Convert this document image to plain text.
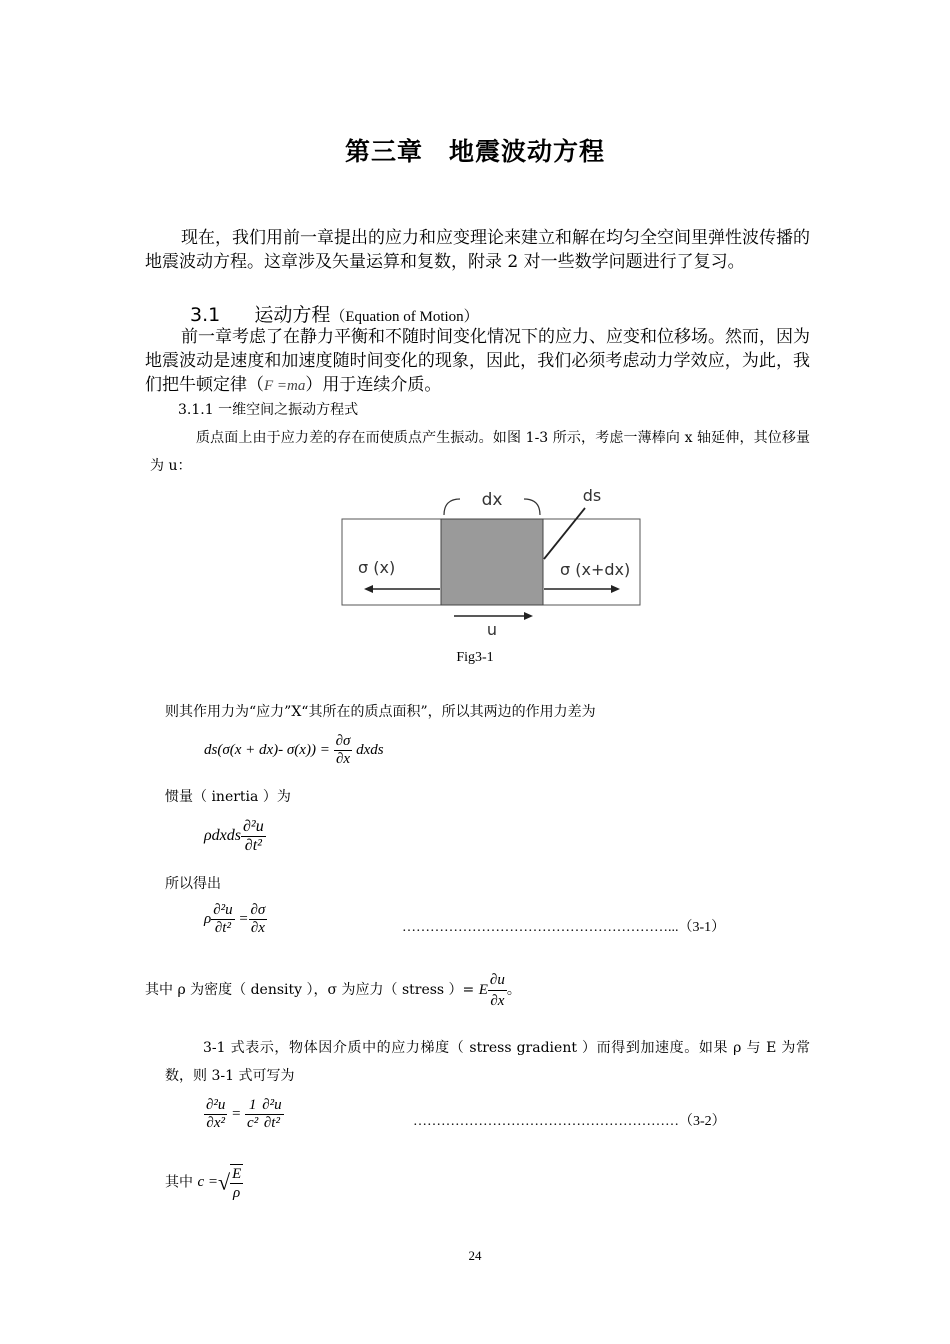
第三章　地震波动方程
现在，我们用前一章提出的应力和应变理论来建立和解在均匀全空间里弹性波传播的地震波动方程。这章涉及矢量运算和复数，附录 2 对一些数学问题进行了复习。
3.1 运动方程（Equation of Motion）
前一章考虑了在静力平衡和不随时间变化情况下的应力、应变和位移场。然而，因为地震波动是速度和加速度随时间变化的现象，因此，我们必须考虑动力学效应，为此，我们把牛顿定律（F =ma）用于连续介质。
3.1.1 一维空间之振动方程式
质点面上由于应力差的存在而使质点产生振动。如图 1-3 所示，考虑一薄棒向 x 轴延伸，其位移量为 u：
dx	ds
σ (x)	σ (x+dx)
u
Fig3-1
则其作用力为“应力”X“其所在的质点面积”，所以其两边的作用力差为
ds(σ(x + dx)- $\sigma(x)) = \frac{\partial\sigma}{\partial x}$ dxds
惯量（ inertia ）为
ρdxds $\frac{\text{∂²u}}{\text{∂t²}}$
所以得出
ρ $\frac{\text{∂²u}}{\text{∂t²}} = \frac{\partial\sigma}{\partial x}$	…………………………………………………...（3-1）
其中 ρ 为密度（ density ），σ 为应力（ stress ）= E $\frac{\partial u}{\partial x}$ 。
3-1 式表示，物体因介质中的应力梯度（ stress gradient ）而得到加速度。如果 ρ 与 E 为常数，则 3-1 式可写为
$\frac{\text{∂²u}}{\text{∂x²}} = \frac{1}{\text{c²}} \frac{\text{∂²u}}{\text{∂t²}}$	…………………………………………………（3-2）
其中 c =√ $\frac{E}{\rho}$
24
